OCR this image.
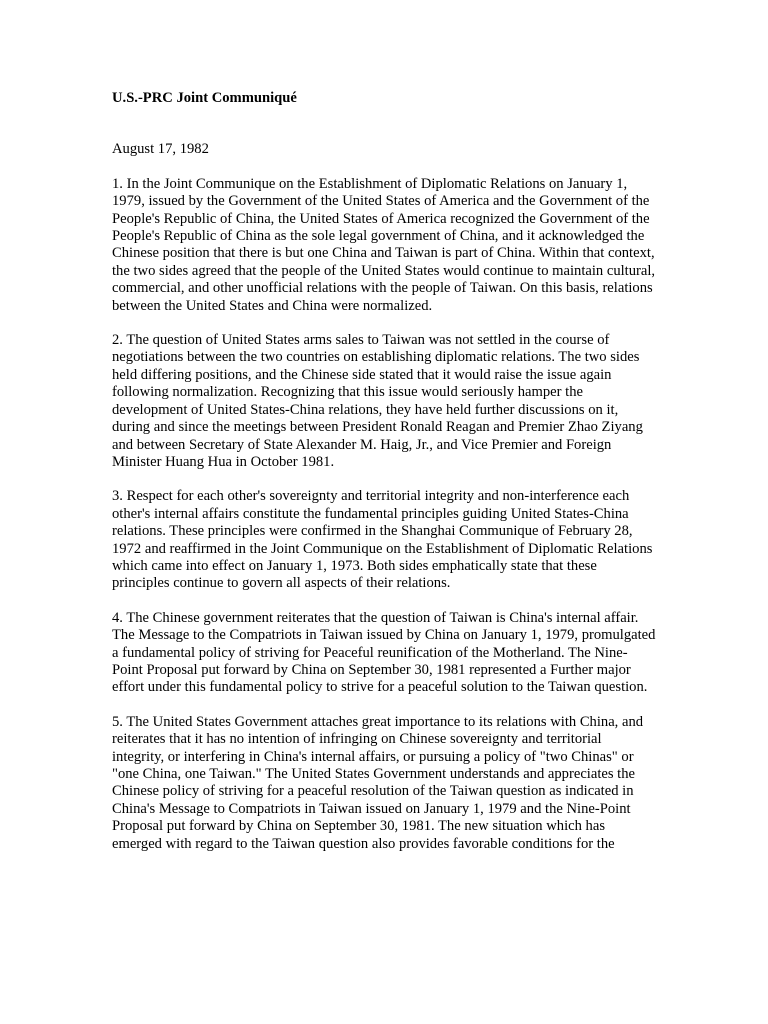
U.S.-PRC Joint Communiqué

August 17, 1982

1. In the Joint Communique on the Establishment of Diplomatic Relations on January 1, 1979, issued by the Government of the United States of America and the Government of the People's Republic of China, the United States of America recognized the Government of the People's Republic of China as the sole legal government of China, and it acknowledged the Chinese position that there is but one China and Taiwan is part of China. Within that context, the two sides agreed that the people of the United States would continue to maintain cultural, commercial, and other unofficial relations with the people of Taiwan. On this basis, relations between the United States and China were normalized.

2. The question of United States arms sales to Taiwan was not settled in the course of negotiations between the two countries on establishing diplomatic relations. The two sides held differing positions, and the Chinese side stated that it would raise the issue again following normalization. Recognizing that this issue would seriously hamper the development of United States-China relations, they have held further discussions on it, during and since the meetings between President Ronald Reagan and Premier Zhao Ziyang and between Secretary of State Alexander M. Haig, Jr., and Vice Premier and Foreign Minister Huang Hua in October 1981.

3. Respect for each other's sovereignty and territorial integrity and non-interference each other's internal affairs constitute the fundamental principles guiding United States-China relations. These principles were confirmed in the Shanghai Communique of February 28, 1972 and reaffirmed in the Joint Communique on the Establishment of Diplomatic Relations which came into effect on January 1, 1973. Both sides emphatically state that these principles continue to govern all aspects of their relations.

4. The Chinese government reiterates that the question of Taiwan is China's internal affair. The Message to the Compatriots in Taiwan issued by China on January 1, 1979, promulgated a fundamental policy of striving for Peaceful reunification of the Motherland. The Nine-Point Proposal put forward by China on September 30, 1981 represented a Further major effort under this fundamental policy to strive for a peaceful solution to the Taiwan question.

5. The United States Government attaches great importance to its relations with China, and reiterates that it has no intention of infringing on Chinese sovereignty and territorial integrity, or interfering in China's internal affairs, or pursuing a policy of "two Chinas" or "one China, one Taiwan." The United States Government understands and appreciates the Chinese policy of striving for a peaceful resolution of the Taiwan question as indicated in China's Message to Compatriots in Taiwan issued on January 1, 1979 and the Nine-Point Proposal put forward by China on September 30, 1981. The new situation which has emerged with regard to the Taiwan question also provides favorable conditions for the
